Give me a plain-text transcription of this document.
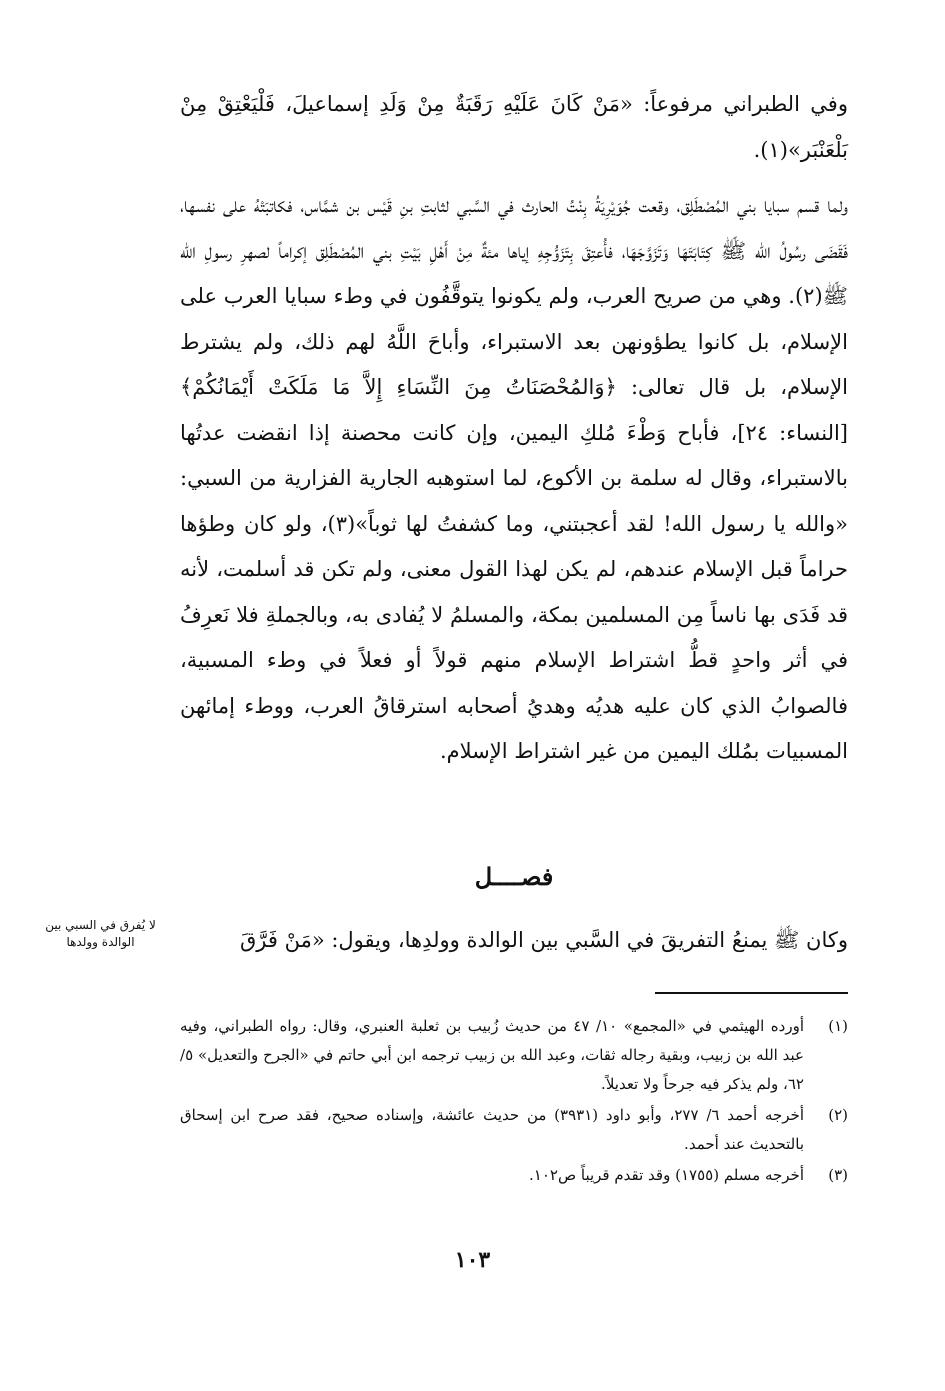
وفي الطبراني مرفوعاً: «مَنْ كَانَ عَلَيْهِ رَقَبَةٌ مِنْ وَلَدِ إسماعيلَ، فَلْيَعْتِقْ مِنْ بَلْعَنْبَر»(١).

ولما قسم سبايا بني المُصْطَلِق، وقعت جُوَيْرِيَةُ بِنْتُ الحارث في السَّبي لثابتِ بنِ قَيْس بن شمَّاس، فكاتبَتْهُ على نفسها، فَقَضَى رسُولُ الله ﷺ كِتَابَتَهَا وَتَزَوَّجَهَا، فأُعتِقَ بِتَزَوُّجِهِ إياها مئةٌ مِنْ أَهْلِ بَيْتِ بني المُصْطَلِق إكراماً لصهرِ رسولِ الله ﷺ(٢). وهي من صريح العرب، ولم يكونوا يتوقَّفُون في وطء سبايا العرب على الإسلام، بل كانوا يطؤونهن بعد الاستبراء، وأباحَ اللَّهُ لهم ذلك، ولم يشترط الإسلام، بل قال تعالى: ﴿وَالمُحْصَنَاتُ مِنَ النِّسَاءِ إِلاَّ مَا مَلَكَتْ أَيْمَانُكُمْ﴾ [النساء: ٢٤]، فأباح وَطْءَ مُلكِ اليمين، وإن كانت محصنة إذا انقضت عدتُها بالاستبراء، وقال له سلمة بن الأكوع، لما استوهبه الجارية الفزارية من السبي: «والله يا رسول الله! لقد أعجبتني، وما كشفتُ لها ثوباً»(٣)، ولو كان وطؤها حراماً قبل الإسلام عندهم، لم يكن لهذا القول معنى، ولم تكن قد أسلمت، لأنه قد فَدَى بها ناساً مِن المسلمين بمكة، والمسلمُ لا يُفادى به، وبالجملةِ فلا نَعرِفُ في أثر واحدٍ قطُّ اشتراط الإسلام منهم قولاً أو فعلاً في وطء المسبية، فالصوابُ الذي كان عليه هديُه وهديُ أصحابه استرقاقُ العرب، ووطء إمائهن المسبيات بمُلك اليمين من غير اشتراط الإسلام.

فصــــل
وكان ﷺ يمنعُ التفريقَ في السَّبي بين الوالدة وولدِها، ويقول: «مَنْ فَرَّقَ
لا يُفرق في السبي بين الوالدة وولدها
(١)
أورده الهيثمي في «المجمع» ١٠/ ٤٧ من حديث زُبيب بن ثعلبة العنبري، وقال: رواه الطبراني، وفيه عبد الله بن زبيب، وبقية رجاله ثقات، وعبد الله بن زبيب ترجمه ابن أبي حاتم في «الجرح والتعديل» ٥/ ٦٢، ولم يذكر فيه جرحاً ولا تعديلاً.
(٢)
أخرجه أحمد ٦/ ٢٧٧، وأبو داود (٣٩٣١) من حديث عائشة، وإسناده صحيح، فقد صرح ابن إسحاق بالتحديث عند أحمد.
(٣)
أخرجه مسلم (١٧٥٥) وقد تقدم قريباً ص١٠٢.
١٠٣
